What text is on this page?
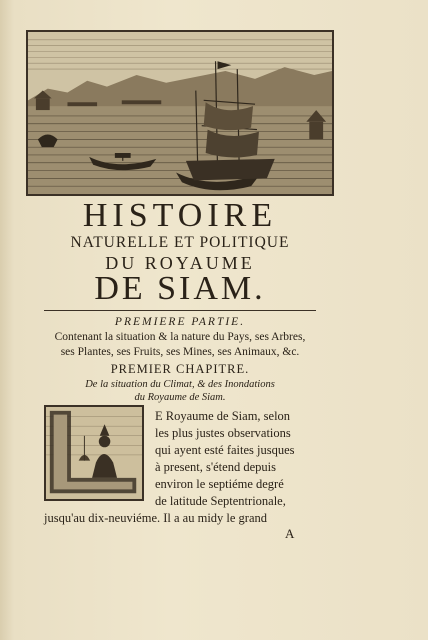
HISTOIRE
NATURELLE ET POLITIQUE
DU ROYAUME
DE SIAM.
PREMIERE PARTIE.
Contenant la situation & la nature du Pays, ses Arbres,
ses Plantes, ses Fruits, ses Mines, ses Animaux, &c.
PREMIER CHAPITRE.
De la situation du Climat, & des Inondations
du Royaume de Siam.
E Royaume de Siam, selon
les plus justes observations
qui ayent esté faites jusques
à present, s'étend depuis
environ le septiéme degré
de latitude Septentrionale,
jusqu'au dix-neuviéme. Il a au midy le grand
A
